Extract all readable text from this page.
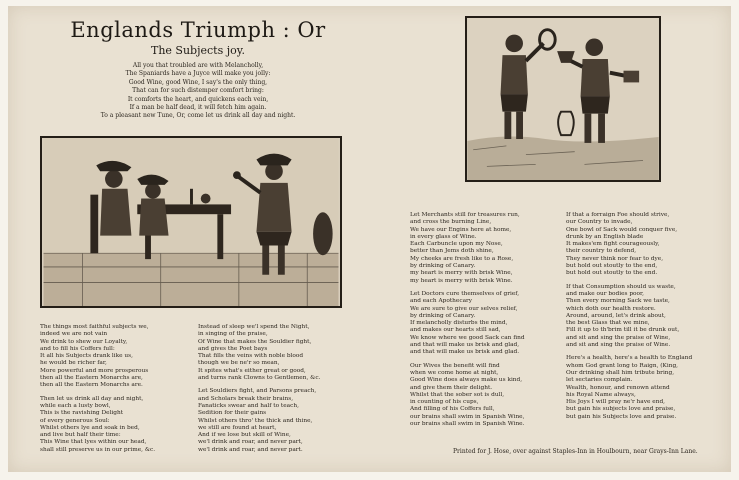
Englands Triumph : Or
The Subjects joy.
All you that troubled are with Melancholly,
The Spaniards have a Juyce will make you jolly:
Good Wine, good Wine, I say's the only thing,
That can for such distemper comfort bring:
It comforts the heart, and quickens each vein,
If a man be half dead, it will fetch him again.
To a pleasant new Tune, Or, come let us drink all day and night.
The things most faithful subjects we,
indeed we are not vain
We drink to shew our Loyalty,
and to fill his Coffers full:
It all his Subjects drank like us,
he would be richer far,
More powerful and more prosperous
then all the Eastern Monarchs are,
then all the Eastern Monarchs are.
Then let us drink all day and night,
while each a lusty bowl,
This is the ravishing Delight
of every generous Soul:
Whilst others lye and soak in bed,
and live but half their time:
This Wine that lyes within our head,
shall still preserve us in our prime, &c.
Instead of sleep we'l spend the Night,
in singing of the praise,
Of Wine that makes the Souldier fight,
and gives the Poet bays
That fills the veins with noble blood
though we be ne'r so mean,
It spites what's either great or good,
and turns rank Clowns to Gentlemen, &c.
Let Souldiers fight, and Parsons preach,
and Scholars break their brains,
Fanaticks swear and half to teach,
Sedition for their gains
Whilst others thro' the thick and thine,
we still are found at heart,
And if we lose but skill of Wine,
we'l drink and roar, and never part,
we'l drink and roar, and never part.
Let Merchants still for treasures run,
and cross the burning Line,
We have our Engins here at home,
in every glass of Wine.
Each Carbuncle upon my Nose,
better than Jems doth shine,
My cheeks are fresh like to a Rose,
by drinking of Canary.
my heart is merry with brisk Wine,
my heart is merry with brisk Wine.
Let Doctors cure themselves of grief,
and each Apothecary
We are sure to give our selves relief,
by drinking of Canary.
If melancholly disturbs the mind,
and makes our hearts still sad,
We know where we good Sack can find
and that will make us brisk and glad,
and that will make us brisk and glad.
Our Wives the benefit will find
when we come home at night,
Good Wine does always make us kind,
and give them their delight.
Whilst that the sober sot is dull,
in counting of his cups,
And filling of his Coffers full,
our brains shall swim in Spanish Wine,
our brains shall swim in Spanish Wine.
If that a forraign Foe should strive,
our Country to invade,
One bowl of Sack would conquer five,
drunk by an English blade
It makes'em fight courageously,
their country to defend,
They never think nor fear to dye,
but hold out stoutly to the end,
but hold out stoutly to the end.
If that Consumption should us waste,
and make our bodies poor,
Then every morning Sack we taste,
which doth our health restore.
Around, around, let's drink about,
the best Glass that we mine,
Fill it up to th'brim till it be drunk out,
and sit and sing the praise of Wine,
and sit and sing the praise of Wine.
Here's a health, here's a health to England
whom God grant long to Raign, (King,
Our drinking shall him tribute bring,
let sectaries complain.
Wealth, honour, and renown attend
his Royal Name always,
His Joys I will pray ne'r have end,
but gain his subjects love and praise,
but gain his Subjects love and praise.
Printed for J. Hose, over against Staples-Inn in Houlbourn, near Grays-Inn Lane.
